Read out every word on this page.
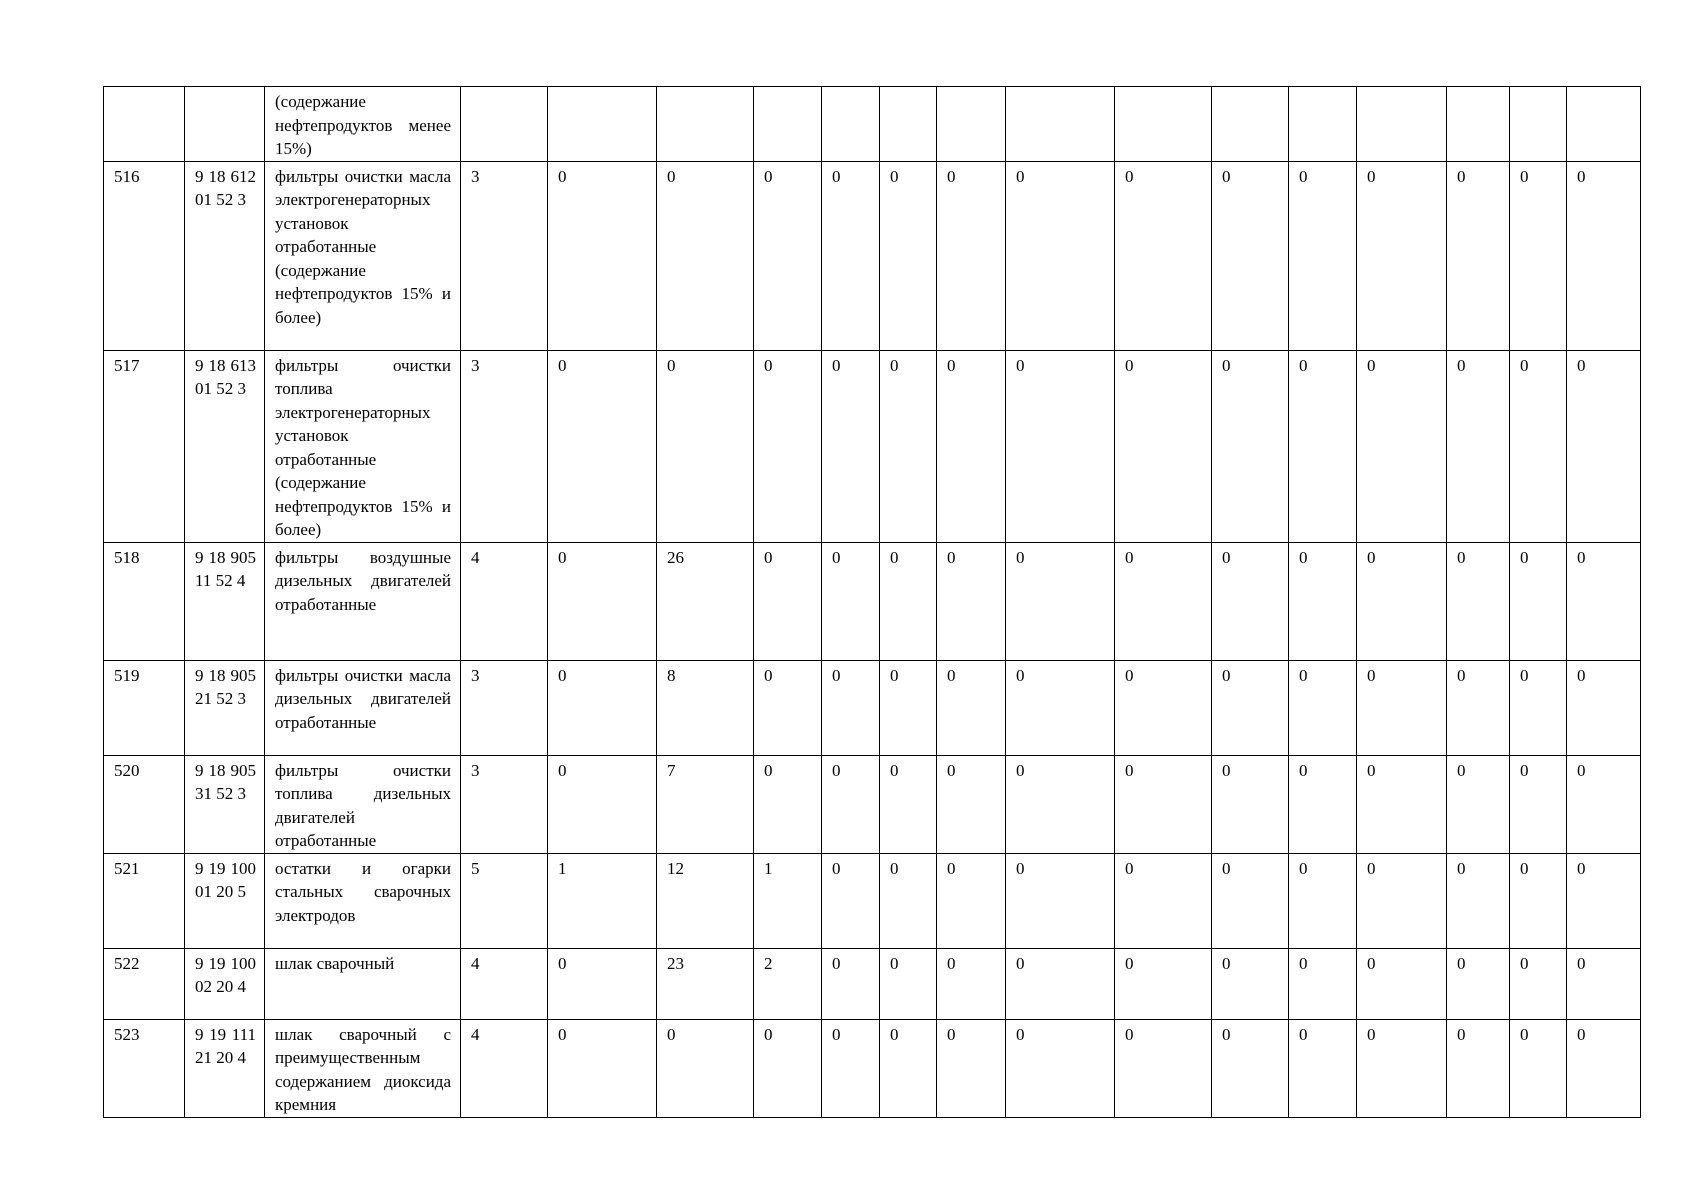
		(содержание нефтепродуктов менее 15%)															
516	9 18 612 01 52 3	фильтры очистки масла электрогенераторных установок отработанные (содержание нефтепродуктов 15% и более)	3	0	0	0	0	0	0	0	0	0	0	0	0	0	0
517	9 18 613 01 52 3	фильтры очистки топлива электрогенераторных установок отработанные (содержание нефтепродуктов 15% и более)	3	0	0	0	0	0	0	0	0	0	0	0	0	0	0
518	9 18 905 11 52 4	фильтры воздушные дизельных двигателей отработанные	4	0	26	0	0	0	0	0	0	0	0	0	0	0	0
519	9 18 905 21 52 3	фильтры очистки масла дизельных двигателей отработанные	3	0	8	0	0	0	0	0	0	0	0	0	0	0	0
520	9 18 905 31 52 3	фильтры очистки топлива дизельных двигателей отработанные	3	0	7	0	0	0	0	0	0	0	0	0	0	0	0
521	9 19 100 01 20 5	остатки и огарки стальных сварочных электродов	5	1	12	1	0	0	0	0	0	0	0	0	0	0	0
522	9 19 100 02 20 4	шлак сварочный	4	0	23	2	0	0	0	0	0	0	0	0	0	0	0
523	9 19 111 21 20 4	шлак сварочный с преимущественным содержанием диоксида кремния	4	0	0	0	0	0	0	0	0	0	0	0	0	0	0
